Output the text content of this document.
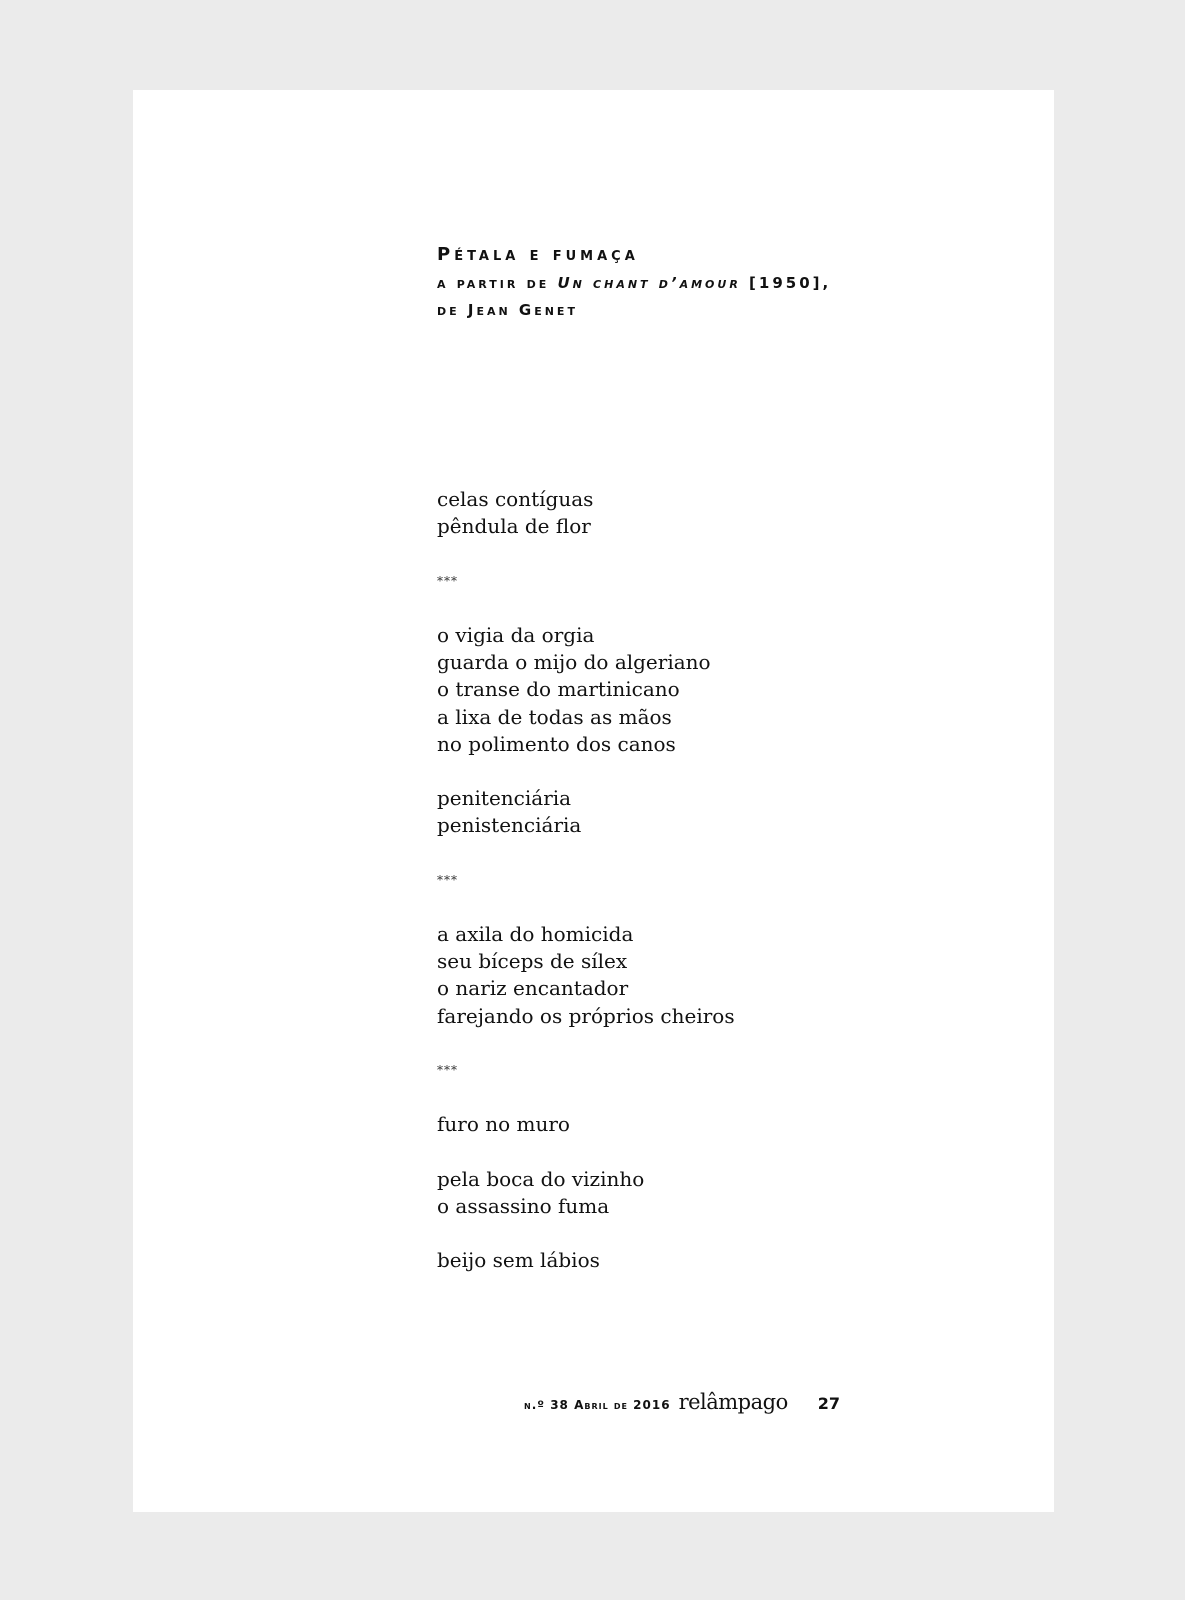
Pétala e fumaça
a partir de Un chant d’amour [1950],
de Jean Genet
celas contíguas
pêndula de flor
***
o vigia da orgia
guarda o mijo do algeriano
o transe do martinicano
a lixa de todas as mãos
no polimento dos canos
penitenciária
penistenciária
***
a axila do homicida
seu bíceps de sílex
o nariz encantador
farejando os próprios cheiros
***
furo no muro
pela boca do vizinho
o assassino fuma
beijo sem lábios
n.º 38 Abril de 2016 relâmpago 27
